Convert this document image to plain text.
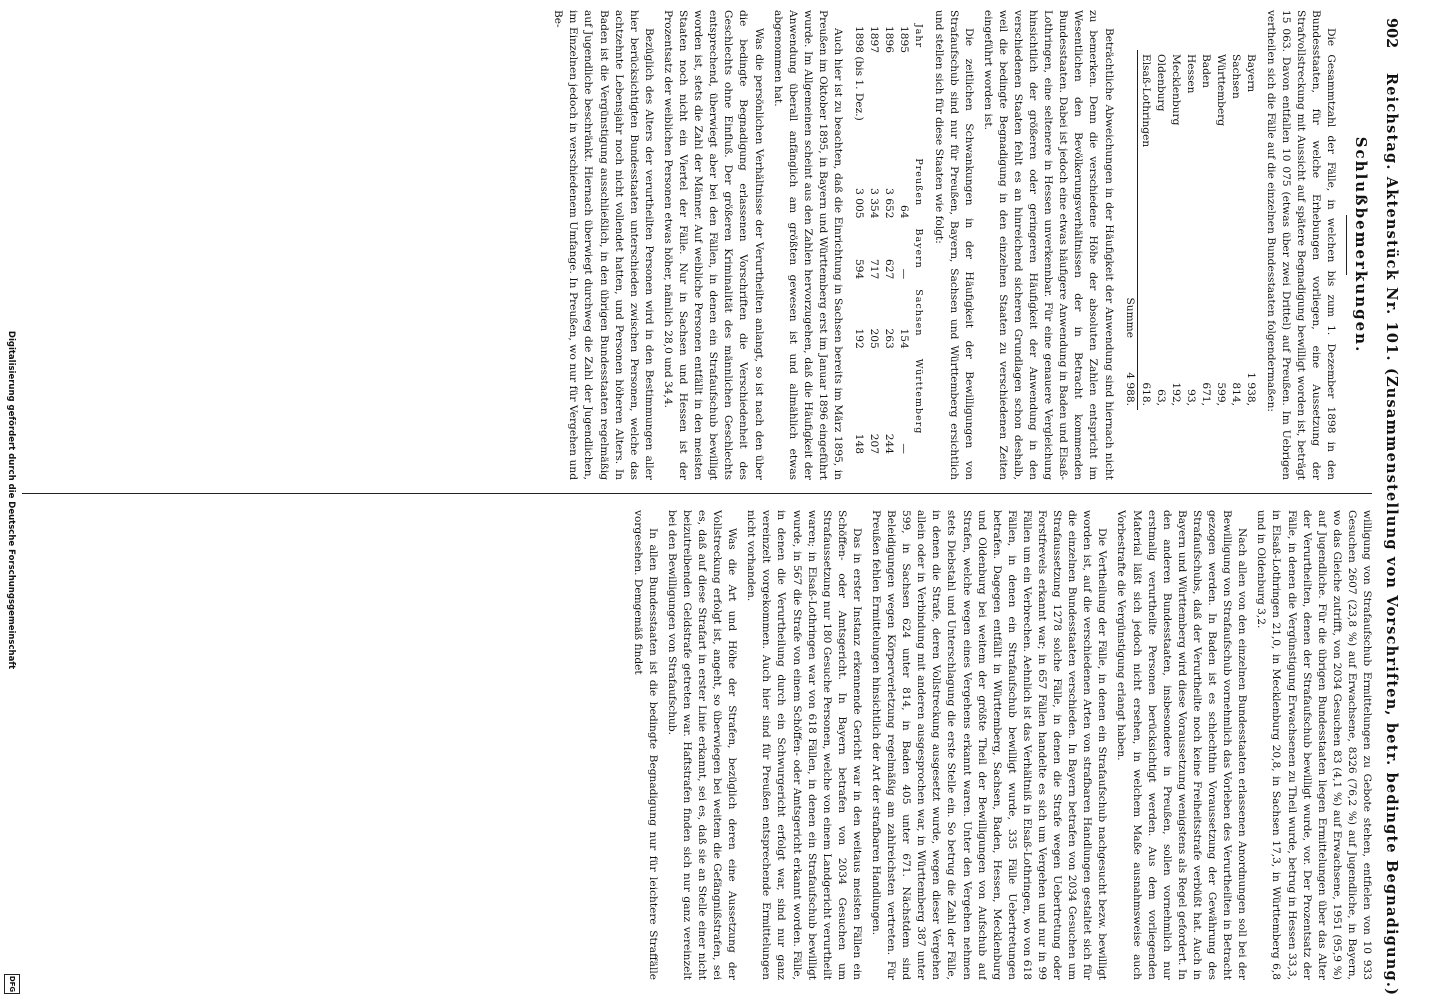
902
Reichstag. Aktenstück Nr. 101. (Zusammenstellung von Vorschriften, betr. bedingte Begnadigung.)
Schlußbemerkungen.

Die Gesammtzahl der Fälle, in welchen bis zum 1. Dezember 1898 in den Bundesstaaten, für welche Erhebungen vorliegen, eine Aussetzung der Strafvollstreckung mit Aussicht auf spätere Begnadigung bewilligt worden ist, beträgt 15 063. Davon entfallen 10 075 (etwas über zwei Drittel) auf Preußen. Im Uebrigen vertheilen sich die Fälle auf die einzelnen Bundesstaaten folgendermaßen:

Bayern	1 938,
Sachsen	814,
Württemberg	599,
Baden	671,
Hessen	93,
Mecklenburg	192,
Oldenburg	63,
Elsaß-Lothringen	618.
Summe	4 988.

Beträchtliche Abweichungen in der Häufigkeit der Anwendung sind hiernach nicht zu bemerken. Denn die verschiedene Höhe der absoluten Zahlen entspricht im Wesentlichen den Bevölkerungsverhältnissen der in Betracht kommenden Bundesstaaten. Dabei ist jedoch eine etwas häufigere Anwendung in Baden und Elsaß-Lothringen, eine seltenere in Hessen unverkennbar. Für eine genauere Vergleichung hinsichtlich der größeren oder geringeren Häufigkeit der Anwendung in den verschiedenen Staaten fehlt es an hinreichend sicheren Grundlagen schon deshalb, weil die bedingte Begnadigung in den einzelnen Staaten zu verschiedenen Zeiten eingeführt worden ist.

Die zeitlichen Schwankungen in der Häufigkeit der Bewilligungen von Strafaufschub sind nur für Preußen, Bayern, Sachsen und Württemberg ersichtlich und stellen sich für diese Staaten wie folgt:

Jahr	Preußen	Bayern	Sachsen	Württemberg
1895	64	—	154	—
1896	3 652	627	263	244
1897	3 354	717	205	207
1898 (bis 1. Dez.)	3 005	594	192	148

Auch hier ist zu beachten, daß die Einrichtung in Sachsen bereits im März 1895, in Preußen im Oktober 1895, in Bayern und Württemberg erst im Januar 1896 eingeführt wurde. Im Allgemeinen scheint aus den Zahlen hervorzugehen, daß die Häufigkeit der Anwendung überall anfänglich am größten gewesen ist und allmählich etwas abgenommen hat.

Was die persönlichen Verhältnisse der Verurtheilten anlangt, so ist nach den über die bedingte Begnadigung erlassenen Vorschriften die Verschiedenheit des Geschlechts ohne Einfluß. Der größeren Kriminalität des männlichen Geschlechts entsprechend, überwiegt aber bei den Fällen, in denen ein Strafaufschub bewilligt worden ist, stets die Zahl der Männer. Auf weibliche Personen entfällt in den meisten Staaten noch nicht ein Viertel der Fälle. Nur in Sachsen und Hessen ist der Prozentsatz der weiblichen Personen etwas höher, nämlich 28,0 und 34,4.

Bezüglich des Alters der verurtheilten Personen wird in den Bestimmungen aller hier berücksichtigten Bundesstaaten unterschieden zwischen Personen, welche das achtzehnte Lebensjahr noch nicht vollendet hatten, und Personen höheren Alters. In Baden ist die Vergünstigung ausschließlich, in den übrigen Bundesstaaten regelmäßig auf Jugendliche beschränkt. Hiernach überwiegt durchweg die Zahl der Jugendlichen, im Einzelnen jedoch in verschiedenem Umfange. In Preußen, wo nur für Vergehen und Be-

willigung von Strafaufschub Ermittelungen zu Gebote stehen, entfielen von 10 933 Gesuchen 2607 (23,8 %) auf Erwachsene, 8326 (76,2 %) auf Jugendliche, in Bayern, wo das Gleiche zutrifft, von 2034 Gesuchen 83 (4,1 %) auf Erwachsene, 1951 (95,9 %) auf Jugendliche. Für die übrigen Bundesstaaten liegen Ermittelungen über das Alter der Verurtheilten, denen der Strafaufschub bewilligt wurde, vor. Der Prozentsatz der Fälle, in denen die Vergünstigung Erwachsenen zu Theil wurde, betrug in Hessen 33,3, in Elsaß-Lothringen 21,0, in Mecklenburg 20,8, in Sachsen 17,3, in Württemberg 6,8 und in Oldenburg 3,2.

Nach allen von den einzelnen Bundesstaaten erlassenen Anordnungen soll bei der Bewilligung von Strafaufschub vornehmlich das Vorleben des Verurtheilten in Betracht gezogen werden. In Baden ist es schlechthin Voraussetzung der Gewährung des Strafaufschubs, daß der Verurtheilte noch keine Freiheitsstrafe verbüßt hat. Auch in Bayern und Württemberg wird diese Voraussetzung wenigstens als Regel gefordert. In den anderen Bundesstaaten, insbesondere in Preußen, sollen vornehmlich nur erstmalig verurtheilte Personen berücksichtigt werden. Aus dem vorliegenden Material läßt sich jedoch nicht ersehen, in welchem Maße ausnahmsweise auch Vorbestrafte die Vergünstigung erlangt haben.

Die Vertheilung der Fälle, in denen ein Strafaufschub nachgesucht bezw. bewilligt worden ist, auf die verschiedenen Arten von strafbaren Handlungen gestaltet sich für die einzelnen Bundesstaaten verschieden. In Bayern betrafen von 2034 Gesuchen um Strafaussetzung 1278 solche Fälle, in denen die Strafe wegen Uebertretung oder Forstfrevels erkannt war; in 657 Fällen handelte es sich um Vergehen und nur in 99 Fällen um ein Verbrechen. Aehnlich ist das Verhältniß in Elsaß-Lothringen, wo von 618 Fällen, in denen ein Strafaufschub bewilligt wurde, 335 Fälle Uebertretungen betrafen. Dagegen entfällt in Württemberg, Sachsen, Baden, Hessen, Mecklenburg und Oldenburg bei weitem der größte Theil der Bewilligungen von Aufschub auf Strafen, welche wegen eines Vergehens erkannt waren. Unter den Vergehen nehmen stets Diebstahl und Unterschlagung die erste Stelle ein. So betrug die Zahl der Fälle, in denen die Strafe, deren Vollstreckung ausgesetzt wurde, wegen dieser Vergehen allein oder in Verbindung mit anderen ausgesprochen war, in Württemberg 387 unter 599, in Sachsen 624 unter 814, in Baden 405 unter 671. Nächstdem sind Beleidigungen wegen Körperverletzung regelmäßig am zahlreichsten vertreten. Für Preußen fehlen Ermittelungen hinsichtlich der Art der strafbaren Handlungen.

Das in erster Instanz erkennende Gericht war in den weitaus meisten Fällen ein Schöffen- oder Amtsgericht. In Bayern betrafen von 2034 Gesuchen um Strafaussetzung nur 180 Gesuche Personen, welche von einem Landgericht verurtheilt waren; in Elsaß-Lothringen war von 618 Fällen, in denen ein Strafaufschub bewilligt wurde, in 567 die Strafe von einem Schöffen- oder Amtsgericht erkannt worden. Fälle, in denen die Verurtheilung durch ein Schwurgericht erfolgt war, sind nur ganz vereinzelt vorgekommen. Auch hier sind für Preußen entsprechende Ermittelungen nicht vorhanden.

Was die Art und Höhe der Strafen, bezüglich deren eine Aussetzung der Vollstreckung erfolgt ist, angeht, so überwiegen bei weitem die Gefängnißstrafen, sei es, daß auf diese Strafart in erster Linie erkannt, sei es, daß sie an Stelle einer nicht beizutreibenden Geldstrafe getreten war. Haftstrafen finden sich nur ganz vereinzelt bei den Bewilligungen von Strafaufschub.

In allen Bundesstaaten ist die bedingte Begnadigung nur für leichtere Straffälle vorgesehen. Demgemäß findet

Digitalisierung gefördert durch die Deutsche Forschungsgemeinschaft
DFG
